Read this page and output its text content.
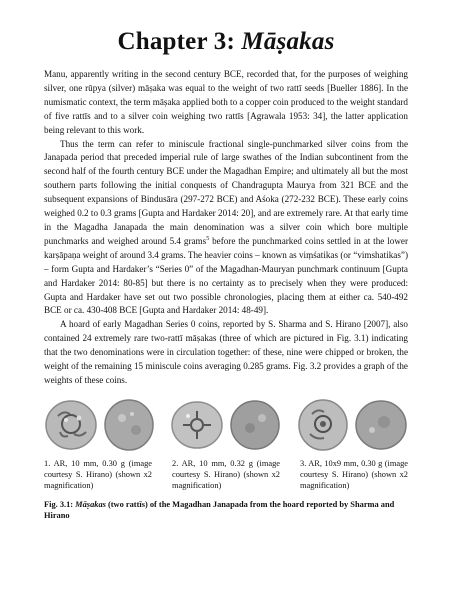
Chapter 3: Māṣakas

Manu, apparently writing in the second century BCE, recorded that, for the purposes of weighing silver, one rūpya (silver) māṣaka was equal to the weight of two rattī seeds [Bueller 1886]. In the numismatic context, the term māṣaka applied both to a copper coin produced to the weight standard of five rattīs and to a silver coin weighing two rattīs [Agrawala 1953: 34], the latter application being relevant to this work.

Thus the term can refer to miniscule fractional single-punchmarked silver coins from the Janapada period that preceded imperial rule of large swathes of the Indian subcontinent from the second half of the fourth century BCE under the Magadhan Empire; and ultimately all but the most southern parts following the initial conquests of Chandragupta Maurya from 321 BCE and the subsequent expansions of Bindusāra (297-272 BCE) and Aśoka (272-232 BCE). These early coins weighed 0.2 to 0.3 grams [Gupta and Hardaker 2014: 20], and are extremely rare. At that early time in the Magadha Janapada the main denomination was a silver coin which bore multiple punchmarks and weighed around 5.4 grams$^5$ before the punchmarked coins settled in at the lower karṣāpaṇa weight of around 3.4 grams. The heavier coins – known as viṃśatikas (or “vimshatikas”) – form Gupta and Hardaker’s “Series 0” of the Magadhan-Mauryan punchmark continuum [Gupta and Hardaker 2014: 80-85] but there is no certainty as to precisely when they were produced: Gupta and Hardaker have set out two possible chronologies, placing them at either ca. 540-492 BCE or ca. 430-408 BCE [Gupta and Hardaker 2014: 48-49].

A hoard of early Magadhan Series 0 coins, reported by S. Sharma and S. Hirano [2007], also contained 24 extremely rare two-rattī māṣakas (three of which are pictured in Fig. 3.1) indicating that the two denominations were in circulation together: of these, nine were chipped or broken, the weight of the remaining 15 miniscule coins averaging 0.285 grams. Fig. 3.2 provides a graph of the weights of these coins.

1. AR, 10 mm, 0.30 g (image courtesy S. Hirano) (shown x2 magnification)
2. AR, 10 mm, 0.32 g (image courtesy S. Hirano) (shown x2 magnification)
3. AR, 10x9 mm, 0.30 g (image courtesy S. Hirano) (shown x2 magnification)
Fig. 3.1: Māṣakas (two rattīs) of the Magadhan Janapada from the hoard reported by Sharma and Hirano
